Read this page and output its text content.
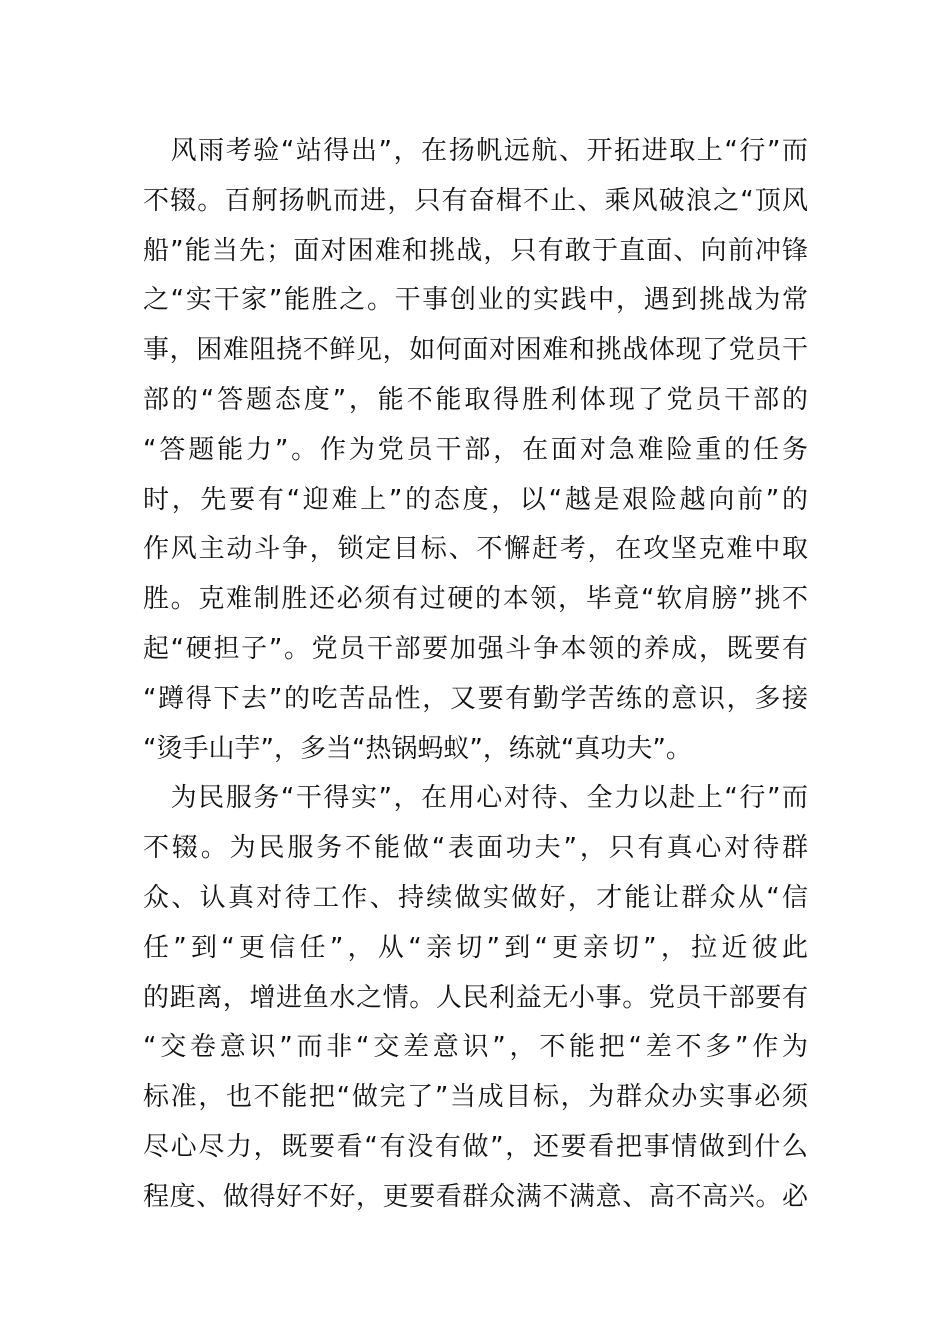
　风雨考验“站得出”，在扬帆远航、开拓进取上“行”而
不辍。百舸扬帆而进，只有奋楫不止、乘风破浪之“顶风
船”能当先；面对困难和挑战，只有敢于直面、向前冲锋
之“实干家”能胜之。干事创业的实践中，遇到挑战为常
事，困难阻挠不鲜见，如何面对困难和挑战体现了党员干
部的“答题态度”，能不能取得胜利体现了党员干部的
“答题能力”。作为党员干部，在面对急难险重的任务
时，先要有“迎难上”的态度，以“越是艰险越向前”的
作风主动斗争，锁定目标、不懈赶考，在攻坚克难中取
胜。克难制胜还必须有过硬的本领，毕竟“软肩膀”挑不
起“硬担子”。党员干部要加强斗争本领的养成，既要有
“蹲得下去”的吃苦品性，又要有勤学苦练的意识，多接
“烫手山芋”，多当“热锅蚂蚁”，练就“真功夫”。
　为民服务“干得实”，在用心对待、全力以赴上“行”而
不辍。为民服务不能做“表面功夫”，只有真心对待群
众、认真对待工作、持续做实做好，才能让群众从“信
任”到“更信任”，从“亲切”到“更亲切”，拉近彼此
的距离，增进鱼水之情。人民利益无小事。党员干部要有
“交卷意识”而非“交差意识”，不能把“差不多”作为
标准，也不能把“做完了”当成目标，为群众办实事必须
尽心尽力，既要看“有没有做”，还要看把事情做到什么
程度、做得好不好，更要看群众满不满意、高不高兴。必
